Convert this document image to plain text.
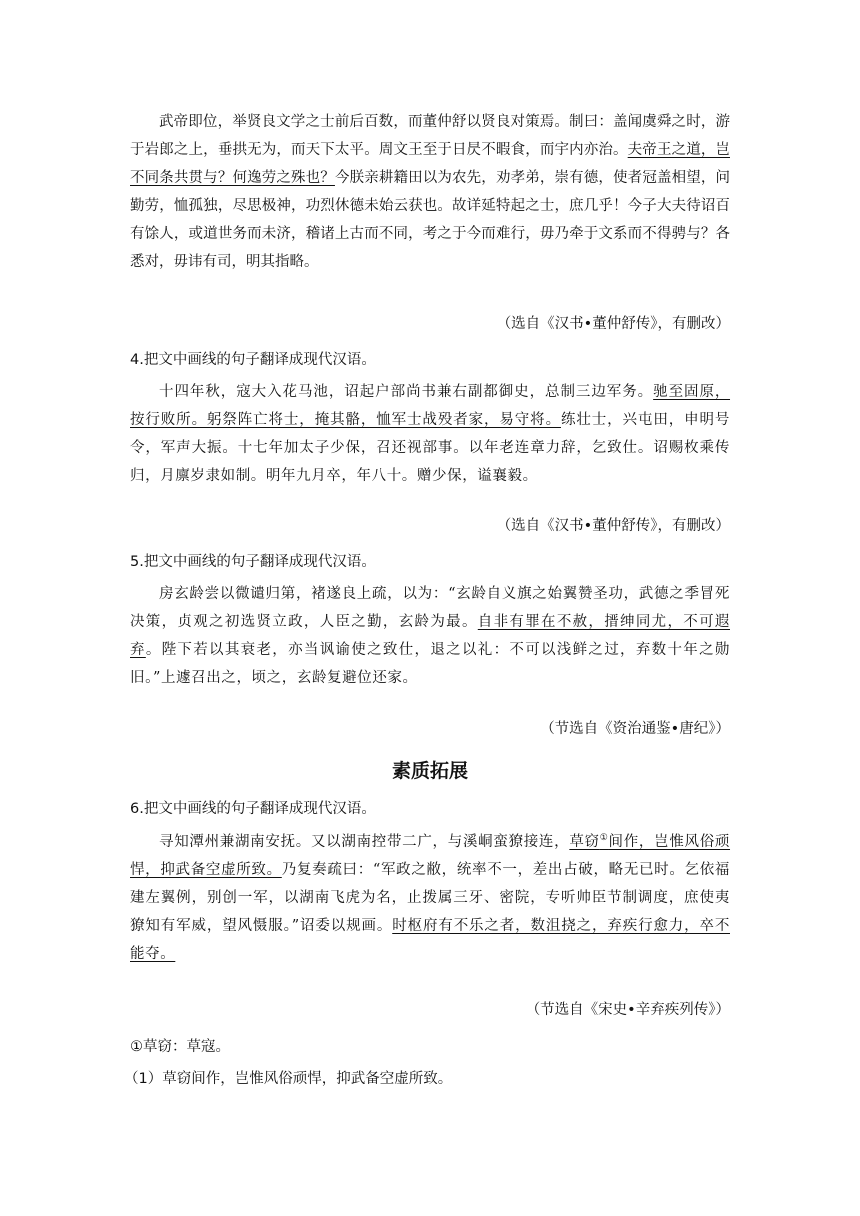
武帝即位，举贤良文学之士前后百数，而董仲舒以贤良对策焉。制曰：盖闻虞舜之时，游于岩郎之上，垂拱无为，而天下太平。周文王至于日昃不暇食，而宇内亦治。夫帝王之道，岂不同条共贯与？何逸劳之殊也？今朕亲耕籍田以为农先，劝孝弟，崇有德，使者冠盖相望，问勤劳，恤孤独，尽思极神，功烈休德未始云获也。故详延特起之士，庶几乎！今子大夫待诏百有馀人，或道世务而未济，稽诸上古而不同，考之于今而难行，毋乃牵于文系而不得骋与？各悉对，毋讳有司，明其指略。

（选自《汉书•董仲舒传》，有删改）

4.把文中画线的句子翻译成现代汉语。

十四年秋，寇大入花马池，诏起户部尚书兼右副都御史，总制三边军务。驰至固原，按行败所。躬祭阵亡将士，掩其骼，恤军士战殁者家，易守将。练壮士，兴屯田，申明号令，军声大振。十七年加太子少保，召还视部事。以年老连章力辞，乞致仕。诏赐枚乘传归，月廪岁隶如制。明年九月卒，年八十。赠少保，谥襄毅。

（选自《汉书•董仲舒传》，有删改）

5.把文中画线的句子翻译成现代汉语。

房玄龄尝以微谴归第，褚遂良上疏，以为：“玄龄自义旗之始翼赞圣功，武德之季冒死决策，贞观之初选贤立政，人臣之勤，玄龄为最。自非有罪在不赦，搢绅同尤，不可遐弃。陛下若以其衰老，亦当讽谕使之致仕，退之以礼：不可以浅鲜之过，弃数十年之勋旧。”上遽召出之，顷之，玄龄复避位还家。

（节选自《资治通鉴•唐纪》）

素质拓展

6.把文中画线的句子翻译成现代汉语。

寻知潭州兼湖南安抚。又以湖南控带二广，与溪峒蛮獠接连，草窃①间作，岂惟风俗顽悍，抑武备空虚所致。乃复奏疏曰：“军政之敝，统率不一，差出占破，略无已时。乞依福建左翼例，别创一军，以湖南飞虎为名，止拨属三牙、密院，专听帅臣节制调度，庶使夷獠知有军威，望风慑服。”诏委以规画。时枢府有不乐之者，数沮挠之，弃疾行愈力，卒不能夺。

（节选自《宋史•辛弃疾列传》）

①草窃：草寇。

（1）草窃间作，岂惟风俗顽悍，抑武备空虚所致。
